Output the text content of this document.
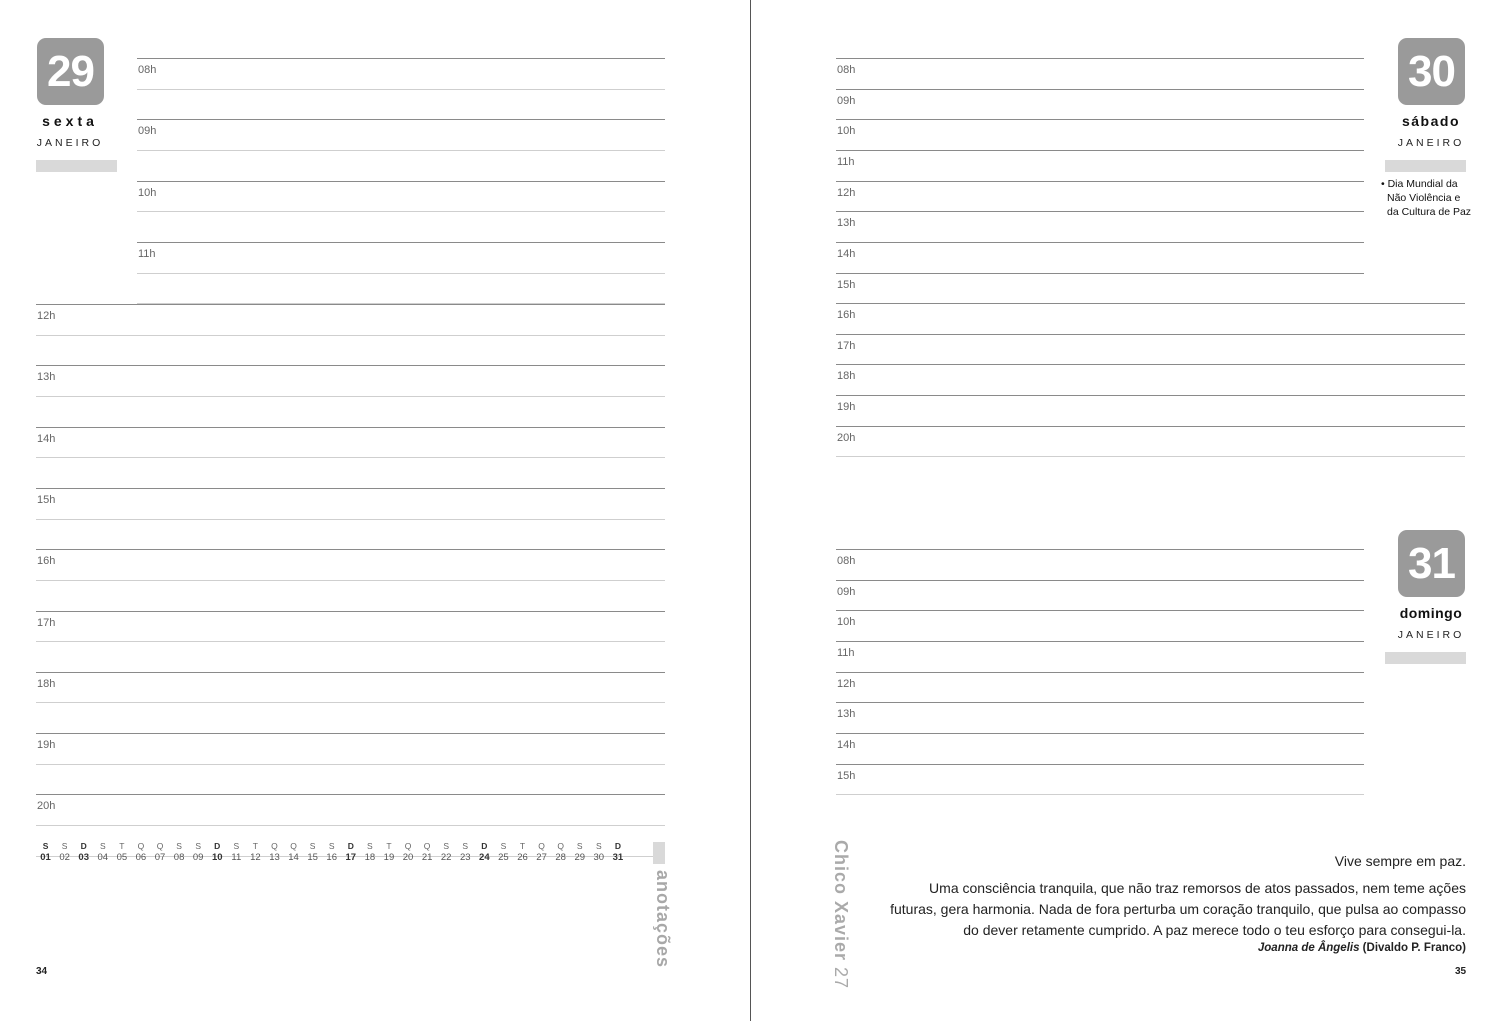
29
sexta
JANEIRO
08h
09h
10h
11h
12h
13h
14h
15h
16h
17h
18h
19h
20h
S
01
S
02
D
03
S
04
T
05
Q
06
Q
07
S
08
S
09
D
10
S
11
T
12
Q
13
Q
14
S
15
S
16
D
17
S
18
T
19
Q
20
Q
21
S
22
S
23
D
24
S
25
T
26
Q
27
Q
28
S
29
S
30
D
31
anotações
34
30
sábado
JANEIRO
• Dia Mundial da
Não Violência e
da Cultura de Paz
08h
09h
10h
11h
12h
13h
14h
15h
16h
17h
18h
19h
20h
31
domingo
JANEIRO
08h
09h
10h
11h
12h
13h
14h
15h
Chico Xavier 27
Vive sempre em paz.
Uma consciência tranquila, que não traz remorsos de atos passados, nem teme ações futuras, gera harmonia. Nada de fora perturba um coração tranquilo, que pulsa ao compasso do dever retamente cumprido. A paz merece todo o teu esforço para consegui-la.
Joanna de Ângelis (Divaldo P. Franco)
35
